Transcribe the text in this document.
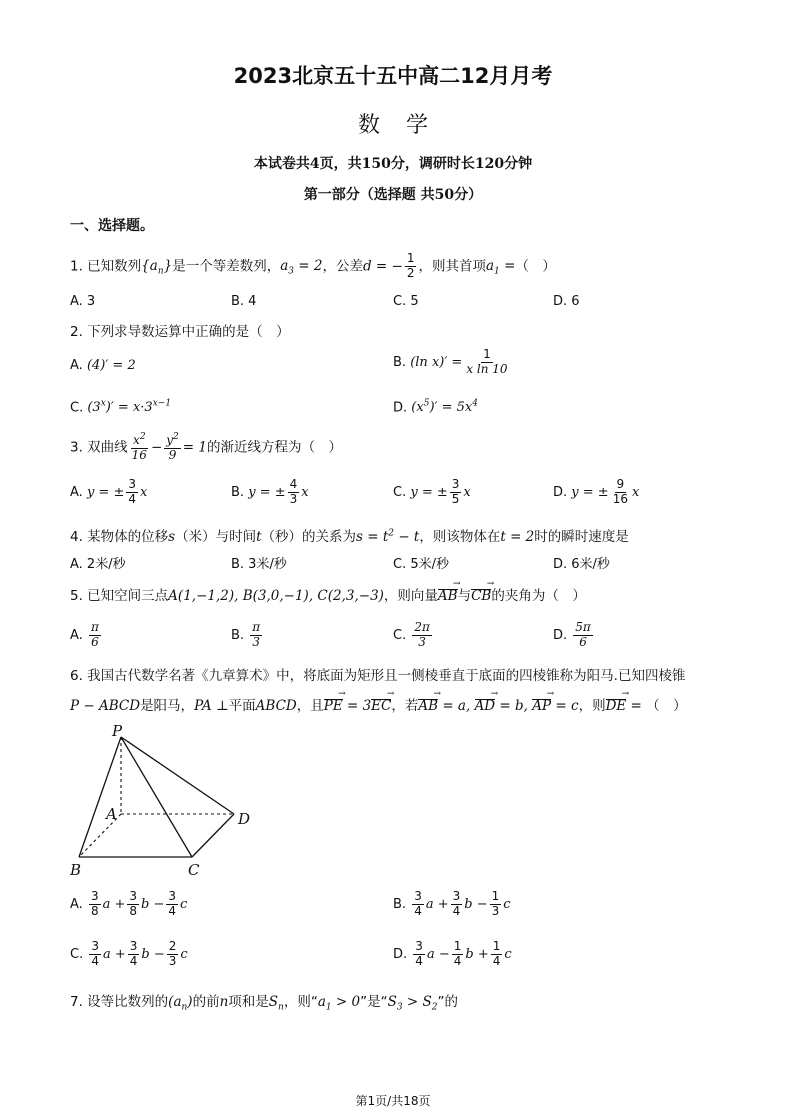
2023北京五十五中高二12月月考
数学
本试卷共4页，共150分，调研时长120分钟
第一部分（选择题 共50分）
一、选择题。
1. 已知数列$\{a_n\}$是一个等差数列，$a_3 = 2$，公差d = − $\frac{1}{2}$ ，则其首项$a_1$ =（　）
A. 3	B. 4	C. 5	D. 6
2. 下列求导数运算中正确的是（　）
A. (4)′ = 2	B. (ln $x)' = \frac{1}{\text{x ln 10}}$
C. $(3^x)' = x\cdot 3^{x-1}$	D. $(x^5)' = 5x^4$
3. 双曲线 $\frac{x^2}{16} - \frac{y^2}{9} = 1$的渐近线方程为（　）
A. y = ± $\frac{3}{4}$ x	B. y = ± $\frac{4}{3}$ x	C. y = ± $\frac{3}{5}$ x	D. y = ± $\frac{9}{16}$ x
4. 某物体的位移s（米）与时间t（秒）的关系为$s = t^2 - t$，则该物体在t = 2时的瞬时速度是
A. 2米/秒	B. 3米/秒	C. 5米/秒	D. 6米/秒
5. 已知空间三点A(1,−1,2), B(3,0,−1), C(2,3,−3)，则向量AB →与CB →的夹角为（　）
A. $\frac{\pi}{6}$	B. $\frac{\pi}{3}$	C. $\frac{2\pi}{3}$	D. $\frac{5\pi}{6}$
6. 我国古代数学名著《九章算术》中，将底面为矩形且一侧棱垂直于底面的四棱锥称为阳马.已知四棱锥
P − ABCD是阳马，PA ⊥平面ABCD，且PE → = 3EC →，若AB → = a, AD → = b, AP → = c，则DE → = （　）
P
A
B	C
D
A. $\frac{3}{8}$ $a + \frac{3}{8}$ $b - \frac{3}{4}$ c	B. $\frac{3}{4}$ $a + \frac{3}{4}$ $b - \frac{1}{3}$ c
C. $\frac{3}{4}$ $a + \frac{3}{4}$ $b - \frac{2}{3}$ c	D. $\frac{3}{4}$ $a - \frac{1}{4}$ $b + \frac{1}{4}$ c
7. 设等比数列的$(a_n)$的前n项和是$S_n$，则“$a_1 > 0$”是“$S_3 > S_2$”的
第1页/共18页
